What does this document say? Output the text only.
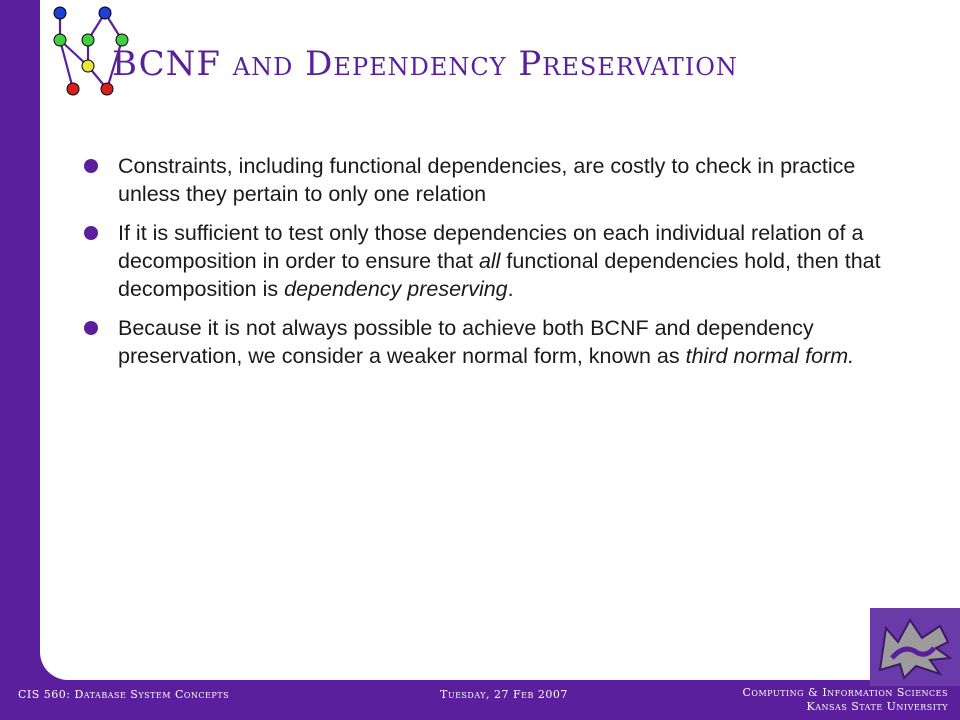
BCNF and Dependency Preservation
Constraints, including functional dependencies, are costly to check in practice unless they pertain to only one relation
If it is sufficient to test only those dependencies on each individual relation of a decomposition in order to ensure that all functional dependencies hold, then that decomposition is dependency preserving.
Because it is not always possible to achieve both BCNF and dependency preservation, we consider a weaker normal form, known as third normal form.
CIS 560: Database System Concepts	Tuesday, 27 Feb 2007	Computing & Information Sciences
Kansas State University
